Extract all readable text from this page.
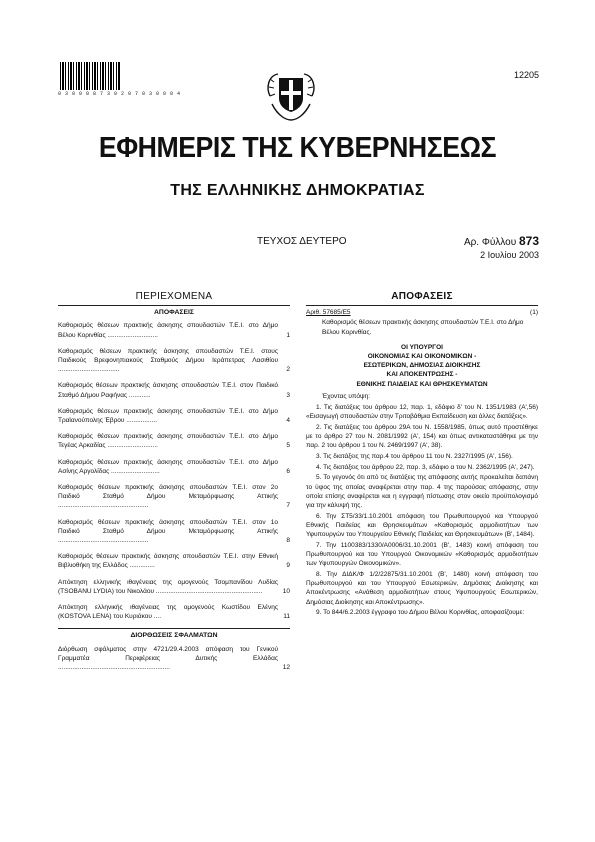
0 3 0 0 0 8 7 3 0 2 0 7 0 3 0 0 0 4
12205
ΕΦΗΜΕΡΙΣ ΤΗΣ ΚΥΒΕΡΝΗΣΕΩΣ
ΤΗΣ ΕΛΛΗΝΙΚΗΣ ΔΗΜΟΚΡΑΤΙΑΣ
ΤΕΥΧΟΣ ΔΕΥΤΕΡΟ	Αρ. Φύλλου 873
2 Ιουλίου 2003
ΠΕΡΙΕΧΟΜΕΝΑ
ΑΠΟΦΑΣΕΙΣ
Καθορισμός θέσεων πρακτικής άσκησης σπουδαστών Τ.Ε.Ι. στο Δήμο Βέλου Κορινθίας ............................	1
Καθορισμός θέσεων πρακτικής άσκησης σπουδαστών Τ.Ε.Ι. στους Παιδικούς Βρεφονηπιακούς Σταθμούς Δήμου Ιεράπετρας Λασιθίου ..................................	2
Καθορισμός θέσεων πρακτικής άσκησης σπουδαστών Τ.Ε.Ι. στον Παιδικό Σταθμό Δήμου Ραφήνας ............	3
Καθορισμός θέσεων πρακτικής άσκησης σπουδαστών Τ.Ε.Ι. στο Δήμο Τραϊανούπολης Έβρου .................	4
Καθορισμός θέσεων πρακτικής άσκησης σπουδαστών Τ.Ε.Ι. στο Δήμο Τεγέας Αρκαδίας ............................	5
Καθορισμός θέσεων πρακτικής άσκησης σπουδαστών Τ.Ε.Ι. στο Δήμο Ασίνης Αργολίδας ...........................	6
Καθορισμός θέσεων πρακτικής άσκησης σπουδαστών Τ.Ε.Ι. στον 2ο Παιδικό Σταθμό Δήμου Μεταμόρφωσης Αττικής ..................................................	7
Καθορισμός θέσεων πρακτικής άσκησης σπουδαστών Τ.Ε.Ι. στον 1ο Παιδικό Σταθμό Δήμου Μεταμόρφωσης Αττικής ..................................................	8
Καθορισμός θέσεων πρακτικής άσκησης σπουδαστών Τ.Ε.Ι. στην Εθνική Βιβλιοθήκη της Ελλάδος ..............	9
Απόκτηση ελληνικής ιθαγένειας της ομογενούς Τσομπανίδου Λυδίας (TSOBANU LYDIA) του Νικολάου ...........................................................	10
Απόκτηση ελληνικής ιθαγένειας της ομογενούς Κωστίδου Ελένης (KOSTOVA LENA) του Κυριάκου ....	11
ΔΙΟΡΘΩΣΕΙΣ ΣΦΑΛΜΑΤΩΝ
Διόρθωση σφάλματος στην 4721/29.4.2003 απόφαση του Γενικού Γραμματέα Περιφέρειας Δυτικής Ελλάδας ..............................................................	12
ΑΠΟΦΑΣΕΙΣ
Αριθ. 57685/Ε5	(1)
Καθορισμός θέσεων πρακτικής άσκησης σπουδαστών Τ.Ε.Ι. στο Δήμο Βέλου Κορινθίας.
ΟΙ ΥΠΟΥΡΓΟΙ
ΟΙΚΟΝΟΜΙΑΣ ΚΑΙ ΟΙΚΟΝΟΜΙΚΩΝ -
ΕΣΩΤΕΡΙΚΩΝ, ΔΗΜΟΣΙΑΣ ΔΙΟΙΚΗΣΗΣ
ΚΑΙ ΑΠΟΚΕΝΤΡΩΣΗΣ -
ΕΘΝΙΚΗΣ ΠΑΙΔΕΙΑΣ ΚΑΙ ΘΡΗΣΚΕΥΜΑΤΩΝ
Έχοντας υπόψη:

1. Τις διατάξεις του άρθρου 12, παρ. 1, εδάφιο δ' του Ν. 1351/1983 (Α',56) «Εισαγωγή σπουδαστών στην Τριτοβάθμια Εκπαίδευση και άλλες διατάξεις».

2. Τις διατάξεις του άρθρου 29Α του Ν. 1558/1985, όπως αυτό προστέθηκε με το άρθρο 27 του Ν. 2081/1992 (Α', 154) και όπως αντικαταστάθηκε με την παρ. 2 του άρθρου 1 του Ν. 2469/1997 (Α', 38).

3. Τις διατάξεις της παρ.4 του άρθρου 11 του Ν. 2327/1995 (Α', 156).

4. Τις διατάξεις του άρθρου 22, παρ. 3, εδάφιο α του Ν. 2362/1995 (Α', 247).

5. Το γεγονός ότι από τις διατάξεις της απόφασης αυτής προκαλείται δαπάνη το ύψος της οποίας αναφέρεται στην παρ. 4 της παρούσας απόφασης, στην οποία επίσης αναφέρεται και η εγγραφή πίστωσης στον οικείο προϋπολογισμό για την κάλυψή της.

6. Την ΣΤ5/33/1.10.2001 απόφαση του Πρωθυπουργού και Υπουργού Εθνικής Παιδείας και Θρησκευμάτων «Καθορισμός αρμοδιοτήτων των Υφυπουργών του Υπουργείου Εθνικής Παιδείας και Θρησκευμάτων» (Β', 1484).

7. Την 1100383/1330/Α0006/31.10.2001 (Β', 1483) κοινή απόφαση του Πρωθυπουργού και του Υπουργού Οικονομικών «Καθορισμός αρμοδιοτήτων των Υφυπουργών Οικονομικών».

8. Την ΔΙΔΚ/Φ 1/2/22875/31.10.2001 (Β', 1480) κοινή απόφαση του Πρωθυπουργού και του Υπουργού Εσωτερικών, Δημόσιας Διοίκησης και Αποκέντρωσης «Ανάθεση αρμοδιοτήτων στους Υφυπουργούς Εσωτερικών, Δημόσιας Διοίκησης και Αποκέντρωσης».

9. Το 844/6.2.2003 έγγραφο του Δήμου Βέλου Κορινθίας, αποφασίζουμε:
